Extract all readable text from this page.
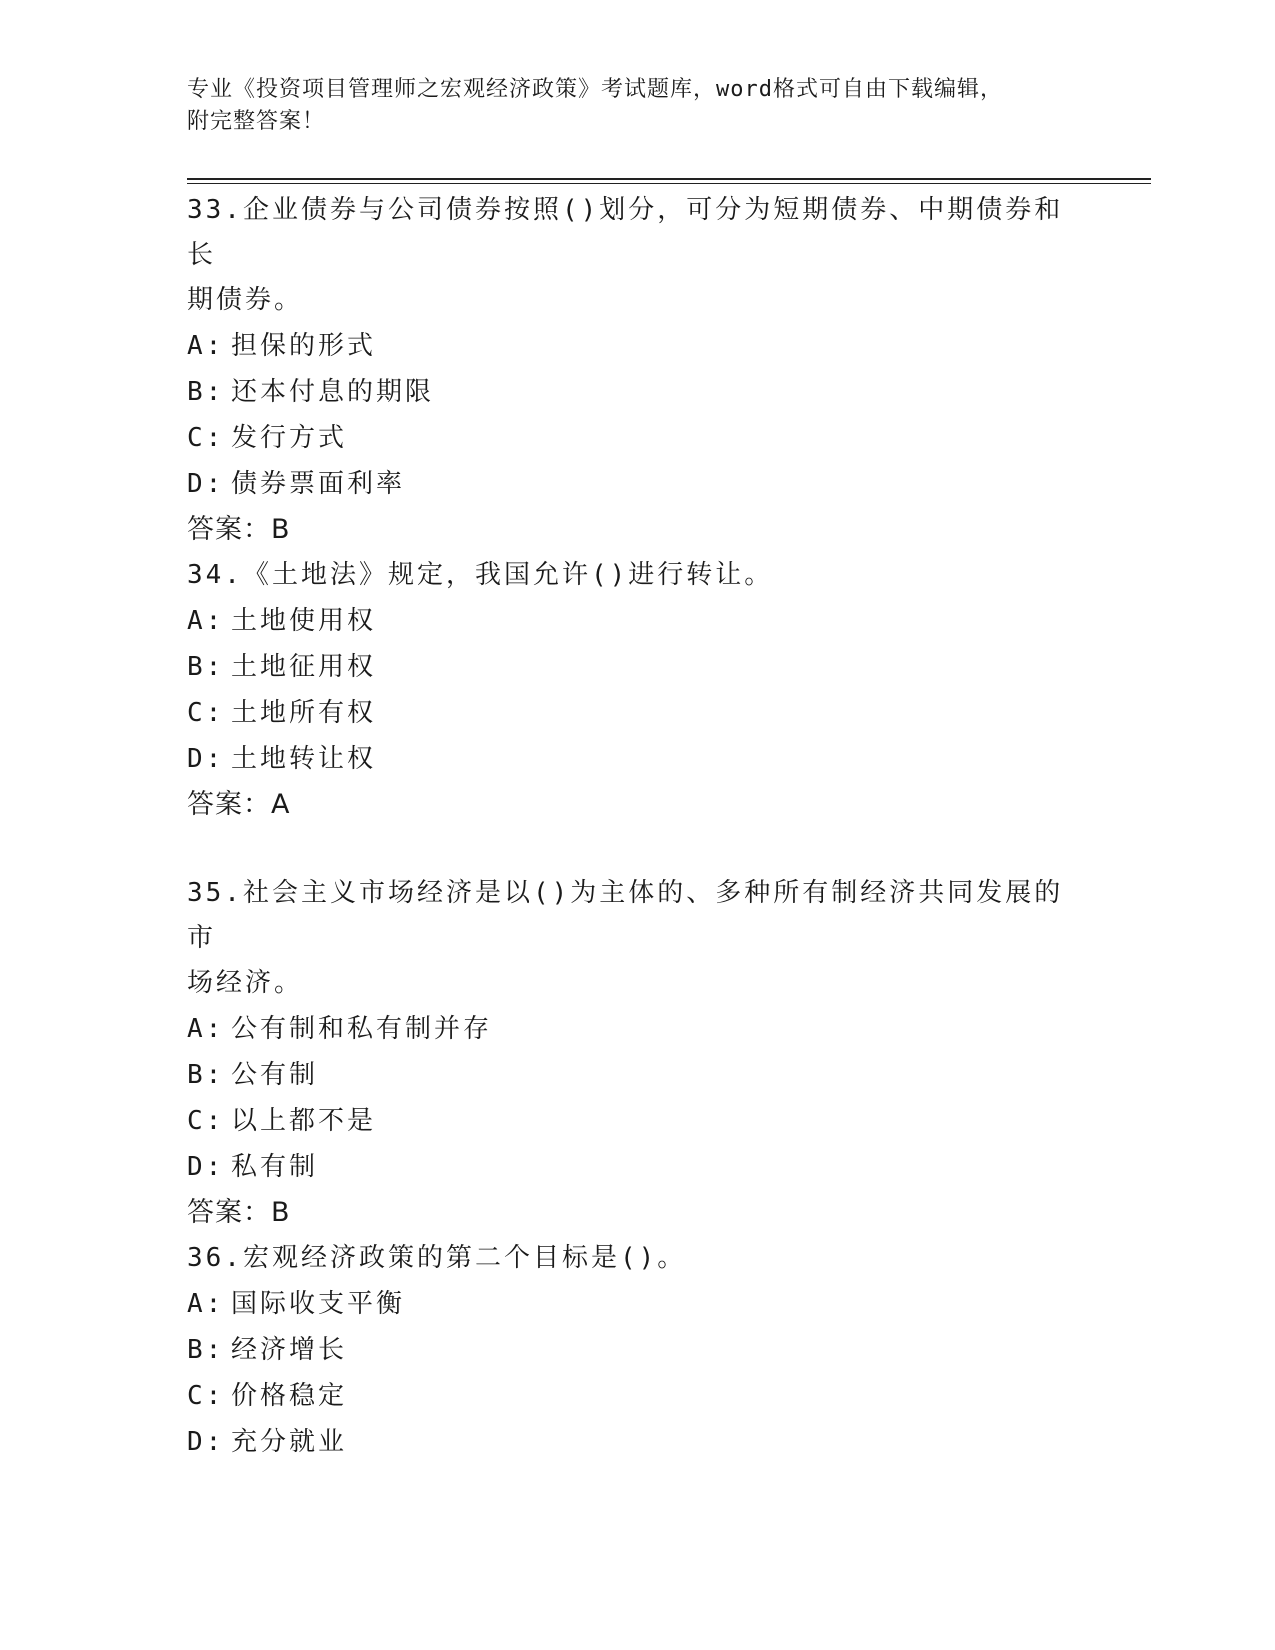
专业《投资项目管理师之宏观经济政策》考试题库，word格式可自由下载编辑，
附完整答案！
33.企业债券与公司债券按照()划分，可分为短期债券、中期债券和长
期债券。
A: 担保的形式
B: 还本付息的期限
C: 发行方式
D: 债券票面利率
答案：B
34.《土地法》规定，我国允许()进行转让。
A: 土地使用权
B: 土地征用权
C: 土地所有权
D: 土地转让权
答案：A
35.社会主义市场经济是以()为主体的、多种所有制经济共同发展的市
场经济。
A: 公有制和私有制并存
B: 公有制
C: 以上都不是
D: 私有制
答案：B
36.宏观经济政策的第二个目标是()。
A: 国际收支平衡
B: 经济增长
C: 价格稳定
D: 充分就业
